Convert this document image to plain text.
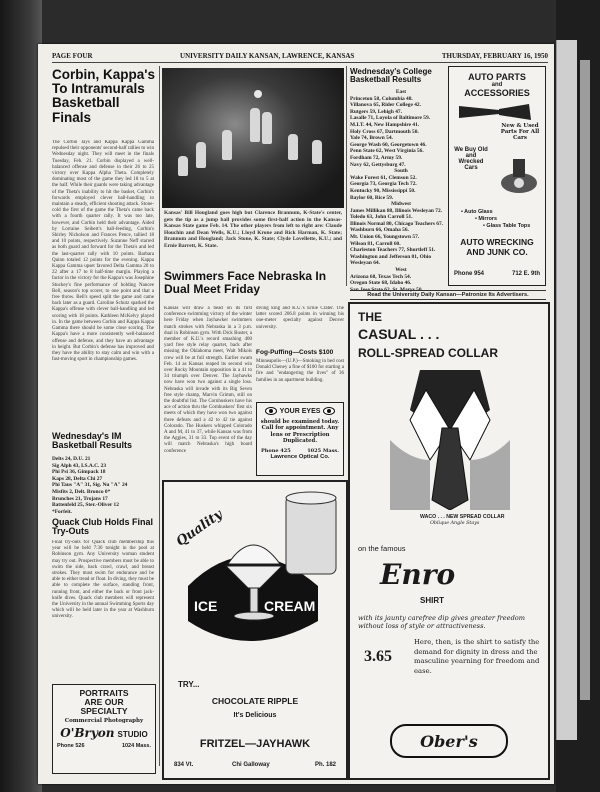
PAGE FOUR	UNIVERSITY DAILY KANSAN, LAWRENCE, KANSAS	THURSDAY, FEBRUARY 16, 1950
Corbin, Kappa's To Intramurals Basketball Finals
The Corbin Jays and Kappa Kappa Gamma repulsed their opponents' second-half rallies to win Wednesday night. They will meet in the finals Tuesday, Feb. 21. Corbin displayed a well-balanced offense and defense in their 26 to 25 victory over Kappa Alpha Theta. Completely dominating most of the game they led 18 to 5 at the half. While their guards were taking advantage of the Theta's inability to hit the basket, Corbin's forwards employed clever ball-handling to maintain a steady, efficient shooting attack. Stone-cold the first of the game the Theta's came back with a fourth quarter rally. It was too late, however, and Corbin held their advantage. Aided by Lorraine Seibert's ball-feeding, Corbin's Shirley Nicholson and Frances Pence, tallied 18 and 10 points, respectively. Suzanne Neff starred as both guard and forward for the Theta's and led the last-quarter rally with 10 points. Barbara Quinn totaled 12 points for the evening. Kappa Kappa Gamma upset favored Delta Gamma 20 to 22 after a 17 to 8 half-time margin. Playing a factor in the victory for the Kappa's was Josephine Stuckey's fine performance of holding Nancee Bell, season's top scorer, to one point and that a free throw. Bell's speed split the game and came back later as a guard. Caroline Schutz sparked the Kappa's offense with clever ball-handling and led scoring with 18 points. Kathleen McKelvy played in. In the game between Corbin and Kappa Kappa Gamma there should be some close scoring. The Kappa's have a more consistently well-balanced offense and defense, and they have an advantage in height. But Corbin's defense has improved and they have the ability to stay calm and win with a fast-moving sport in championship games.
Kansas' Bill Hougland goes high but Clarence Brannum, K-State's center, gets the tip as a jump ball provides some first-half action in the Kansas-Kansas State game Feb. 14. The other players from left to right are: Claude Houchin and Dean Wells, K.U.; Lloyd Krone and Rick Harman, K. State; Brannum and Hougland; Jack Stone, K. State; Clyde Lovellette, K.U.; and Ernie Barrett, K. State.
Wednesday's College Basketball Results
East
Princeton 58, Columbia 48.
Villanova 65, Rider College 42.
Rutgers 59, Lehigh 47.
Lasalle 71, Loyola of Baltimore 59.
M.I.T. 44, New Hampshire 41.
Holy Cross 67, Dartmouth 50.
Yale 74, Brown 54.
George Wash 60, Georgetown 46.
Penn State 62, West Virginia 56.
Fordham 72, Army 59.
Navy 62, Gettysburg 47.
South
Wake Forest 61, Clemson 52.
Georgia 73, Georgia Tech 72.
Kentucky 90, Mississippi 50.
Baylor 60, Rice 59.
Midwest
James Millikan 88, Illinois Wesleyan 72.
Toledo 63, John Carroll 51.
Illinois Normal 80, Chicago Teachers 67.
Washburn 66, Omaha 56.
Mt. Union 66, Youngstown 57.
Wilson 81, Carroll 60.
Charleston Teachers 77, Shurtleff 51.
Washington and Jefferson 81, Ohio Wesleyan 64.
West
Arizona 68, Texas Tech 54.
Oregon State 68, Idaho 46.
San Jose State 62, St. Marys 50.
AUTO PARTS
and
ACCESSORIES
New & Used Parts For All Cars
We Buy Old and Wrecked Cars
• Auto Glass
• Mirrors
• Glass Table Tops
AUTO WRECKING AND JUNK CO.
Phone 954	712 E. 9th
Read the University Daily Kansan—Patronize Its Advertisers.
Swimmers Face Nebraska In Dual Meet Friday
Kansas will draw a bead on its first conference swimming victory of the winter here Friday when Jayhawker swimmers match strokes with Nebraska in a 3 p.m. dual in Robinson gym. With Dick Buster, a member of K.U.'s record smashing 400 yard free style relay quartet, back after missing the Oklahoma meet, Walt Mikols crew will be at full strength. Earlier swam Feb. 14 as Kansas reaped its second win over Rocky Mountain opposition in a 41 to 34 triumph over Denver. The Jayhawks now have won two against a single loss. Nebraska will invade with its Big Seven free style champ, Marvin Grimm, still on the doubtful list. The Cornhuskers have his ace of action thru the Cornhuskers' first six meets of which they have won two against three defeats and a 42 to 42 tie against Colorado. The Huskers whipped Colorado A and M, 41 to 37, while Kansas was from the Aggies, 31 to 33. Top event of the day will match Nebraska's high board conference
diving king and K.U.'s Ernie Crater. The latter scored 206.8 points in winning his one-meter specialty against Denver university.
Fog-Puffing—Costs $100
Minneapolis—(U.P.)—Smoking in bed cost Donald Cheney a fine of $100 for starting a fire and "endangering the lives" of 36 families in an apartment building.
YOUR EYES
should be examined today. Call for appointment. Any lens or Prescription Duplicated.
Phone 425	1025 Mass.
Lawrence Optical Co.
Quality
ICE	CREAM
TRY...
CHOCOLATE RIPPLE
It's Delicious
FRITZEL—JAYHAWK
834 Vt.	Chi Galloway	Ph. 182
Wednesday's IM Basketball Results
Delts 24, D.U. 21
Sig Alph 43, I.S.A.C. 23
Phi Psi 36, Gimpack 18
Kaps 28, Delta Chi 27
Phi Taus "A" 31, Sig. Nu "A" 24
Misfits 2, Delt. Bronco 0*
Brunches 21, Trojans 17
Battenfeld 25, Ster.-Oliver 12
*Forfeit.
Quack Club Holds Final Try-Outs
Final try-outs for Quack club membership this year will be held 7:30 tonight in the pool at Robinson gym. Any University woman student may try out. Prospective members must be able to swim the side, back crawl, crawl, and breast strokes. They must swim for endurance and be able to either tread or float. In diving, they must be able to complete the surface, standing front, running front, and either the back or front jack-knife dives. Quack club members will represent the University in the annual Swimming Sports day which will be held later in the year at Washburn university.
PORTRAITS
ARE OUR
SPECIALTY
Commercial Photography
O'Bryon STUDIO
Phone 526	1024 Mass.
THE
CASUAL . . .
ROLL-SPREAD COLLAR
WACO . . . NEW SPREAD COLLAR
Oblique Angle Stays
on the famous
Enro
SHIRT
with its jaunty carefree dip gives greater freedom without loss of style or attractiveness.
3.65
Here, then, is the shirt to satisfy the demand for dignity in dress and the masculine yearning for freedom and ease.
Ober's
